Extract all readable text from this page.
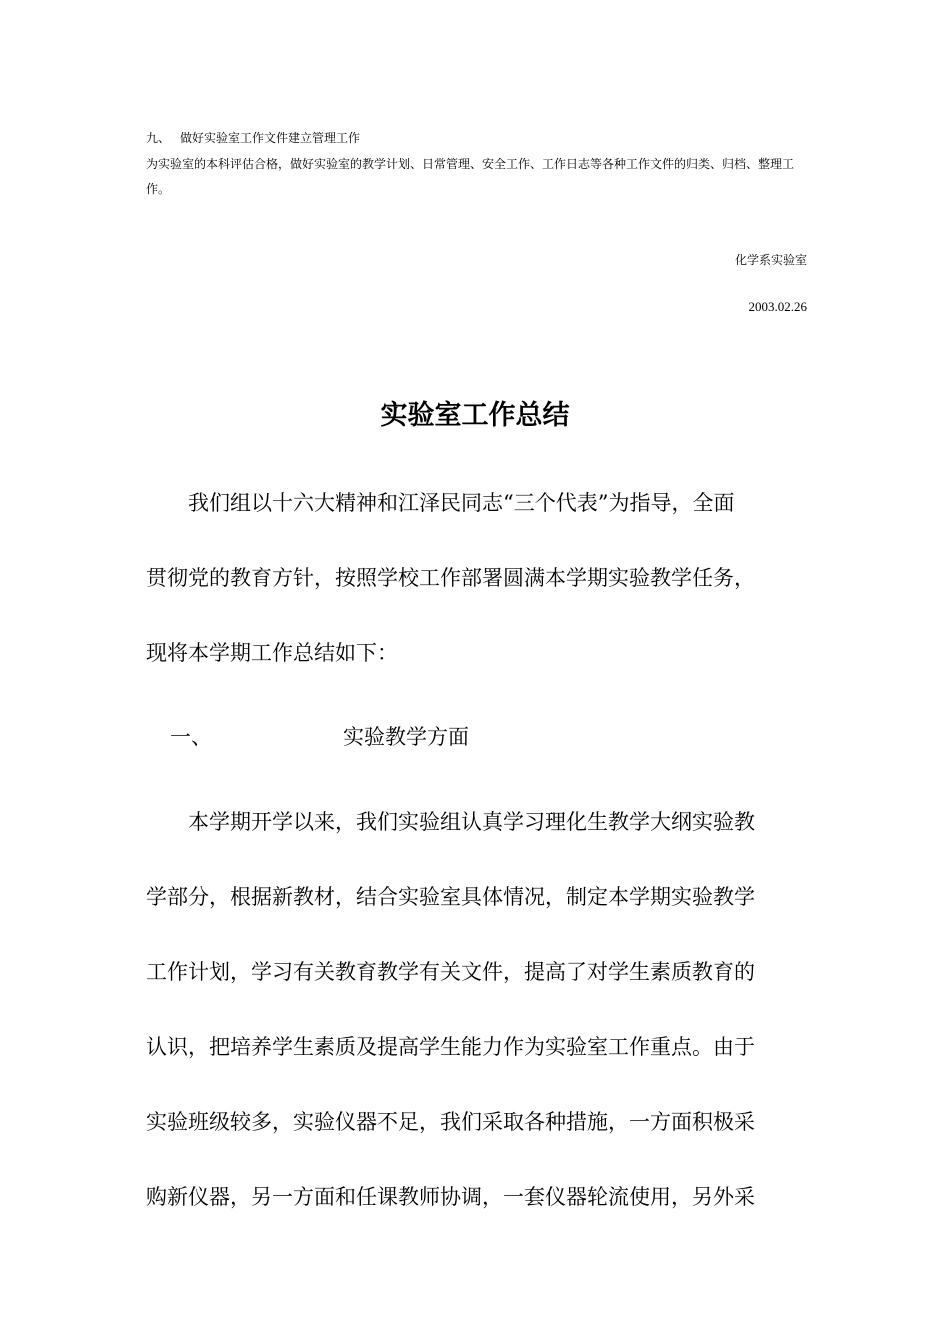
九、 做好实验室工作文件建立管理工作
为实验室的本科评估合格，做好实验室的教学计划、日常管理、安全工作、工作日志等各种工作文件的归类、归档、整理工作。
化学系实验室
2003.02.26
实验室工作总结
我们组以十六大精神和江泽民同志“三个代表”为指导，全面
贯彻党的教育方针，按照学校工作部署圆满本学期实验教学任务，
现将本学期工作总结如下：
一、	实验教学方面
本学期开学以来，我们实验组认真学习理化生教学大纲实验教
学部分，根据新教材，结合实验室具体情况，制定本学期实验教学
工作计划，学习有关教育教学有关文件，提高了对学生素质教育的
认识，把培养学生素质及提高学生能力作为实验室工作重点。由于
实验班级较多，实验仪器不足，我们采取各种措施，一方面积极采
购新仪器，另一方面和任课教师协调，一套仪器轮流使用，另外采
